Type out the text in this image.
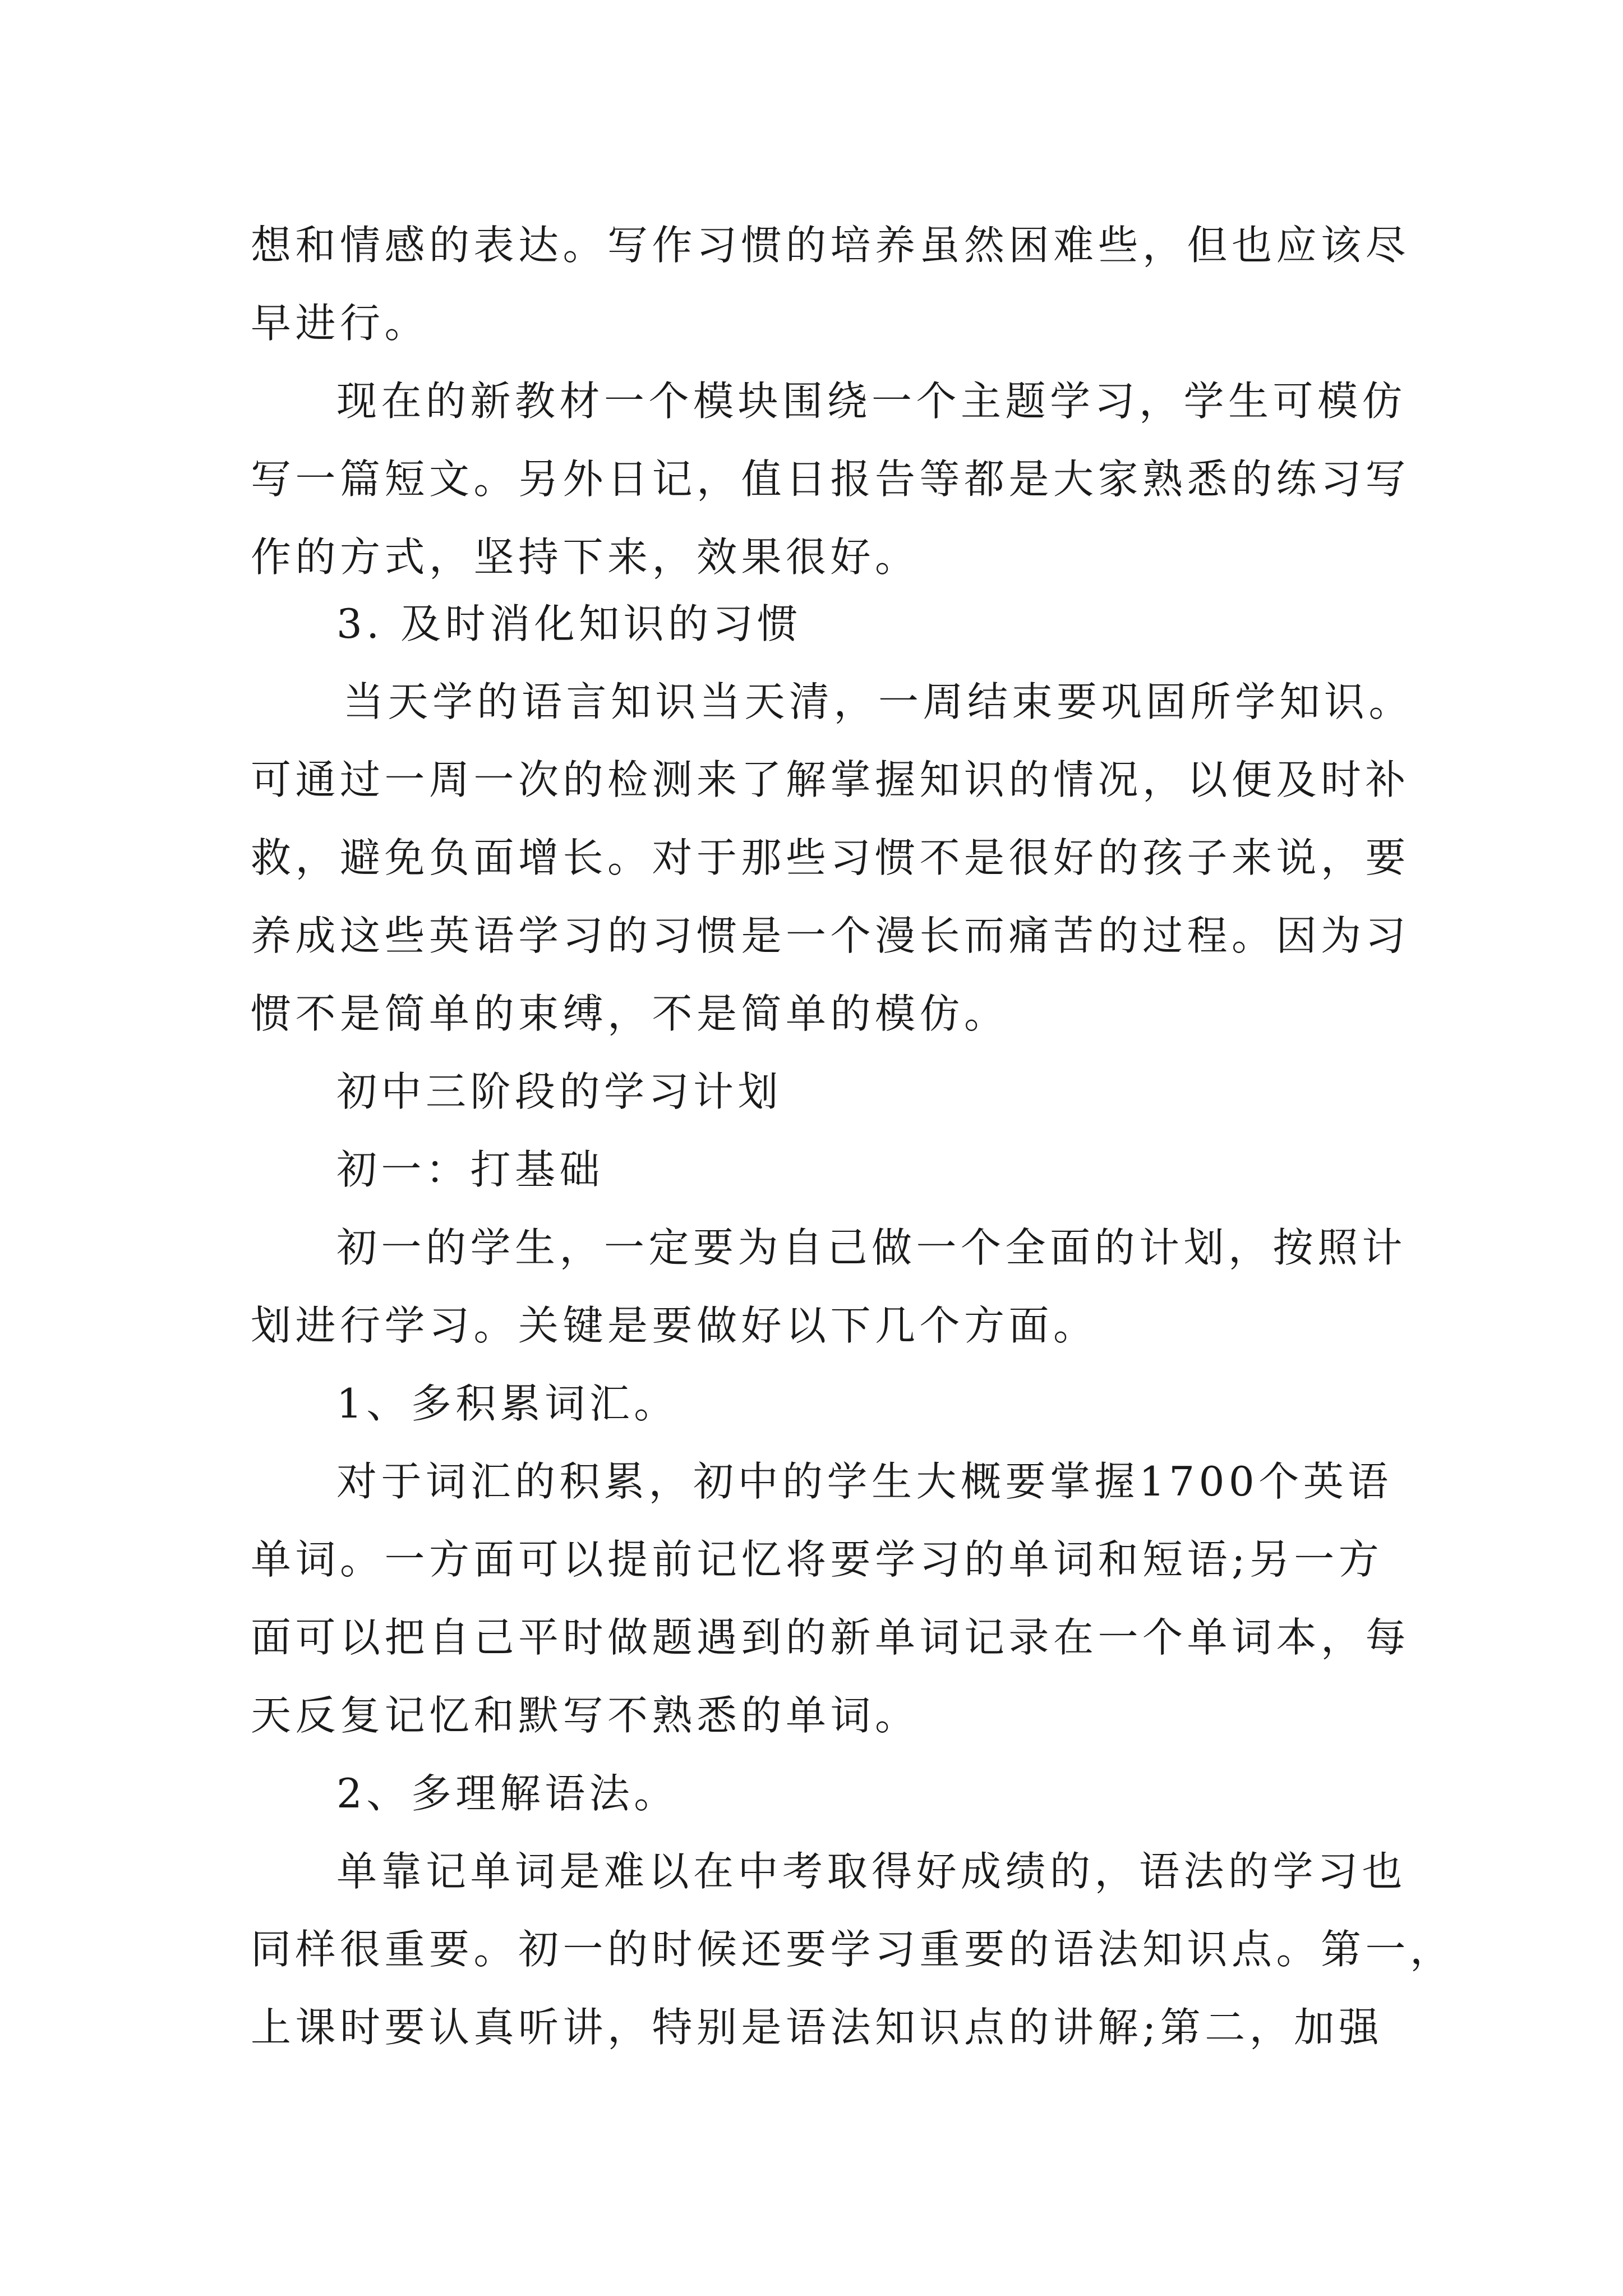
想和情感的表达。写作习惯的培养虽然困难些，但也应该尽
早进行。
现在的新教材一个模块围绕一个主题学习，学生可模仿
写一篇短文。另外日记，值日报告等都是大家熟悉的练习写
作的方式，坚持下来，效果很好。
3. 及时消化知识的习惯
当天学的语言知识当天清，一周结束要巩固所学知识。
可通过一周一次的检测来了解掌握知识的情况，以便及时补
救，避免负面增长。对于那些习惯不是很好的孩子来说，要
养成这些英语学习的习惯是一个漫长而痛苦的过程。因为习
惯不是简单的束缚，不是简单的模仿。
初中三阶段的学习计划
初一：打基础
初一的学生，一定要为自己做一个全面的计划，按照计
划进行学习。关键是要做好以下几个方面。
1、多积累词汇。
对于词汇的积累，初中的学生大概要掌握1700个英语
单词。一方面可以提前记忆将要学习的单词和短语;另一方
面可以把自己平时做题遇到的新单词记录在一个单词本，每
天反复记忆和默写不熟悉的单词。
2、多理解语法。
单靠记单词是难以在中考取得好成绩的，语法的学习也
同样很重要。初一的时候还要学习重要的语法知识点。第一，
上课时要认真听讲，特别是语法知识点的讲解;第二，加强
